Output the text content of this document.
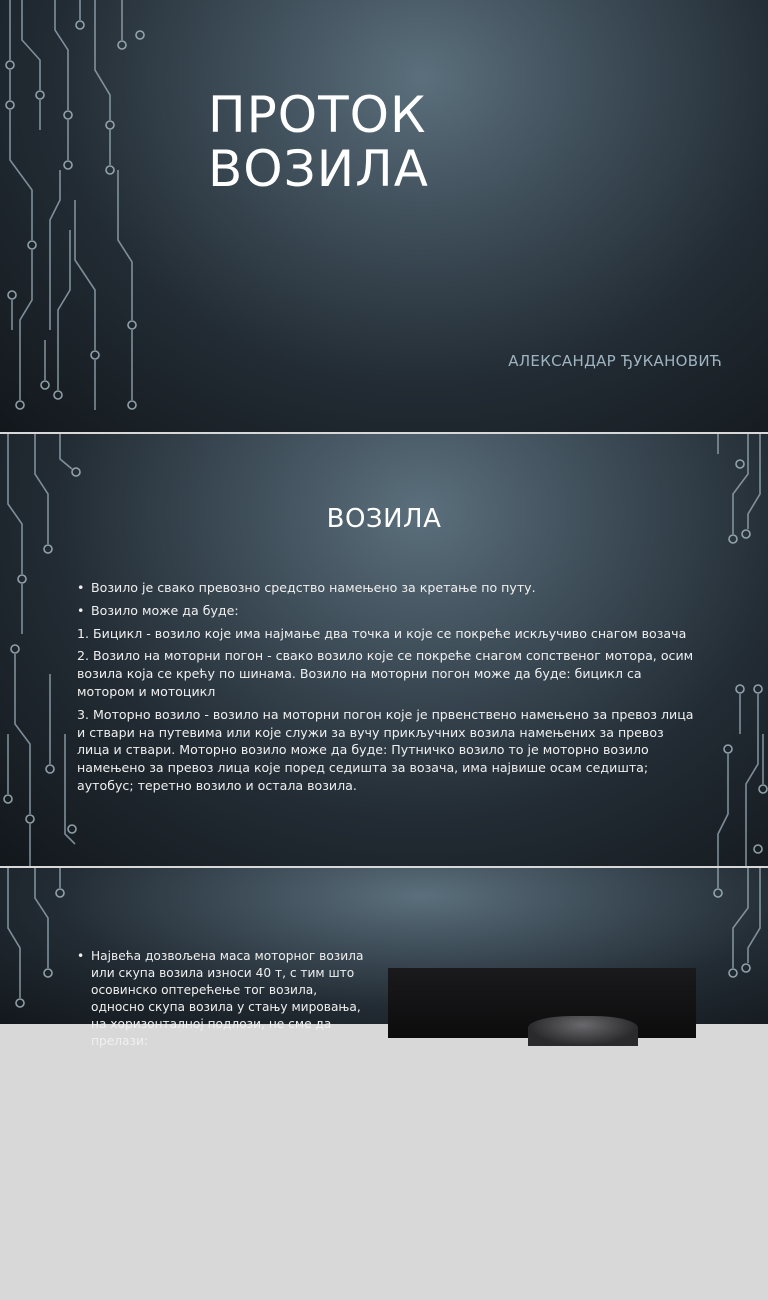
ПРОТОК
ВОЗИЛА
АЛЕКСАНДАР ЂУКАНОВИЋ
ВОЗИЛА

• Возило је свако превозно средство намењено за кретање по путу.

• Возило може да буде:

1. Бицикл - возило које има најмање два точка и које се покреће искључиво снагом возача

2. Возило на моторни погон - свако возило које се покреће снагом сопственог мотора, осим возила која се крећу по шинама. Возило на моторни погон може да буде: бицикл са мотором и мотоцикл

3. Моторно возило - возило на моторни погон које је првенствено намењено за превоз лица и ствари на путевима или које служи за вучу прикључних возила намењених за превоз лица и ствари. Моторно возило може да буде: Путничко возило то је моторно возило намењено за превоз лица које поред седишта за возача, има највише осам седишта; аутобус; теретно возило и остала возила.

• Највећа дозвољена маса моторног возила или скупа возила износи 40 т, с тим што осовинско оптерећење тог возила, односно скупа возила у стању мировања, на хоризонталној подлози, не сме да прелази:
